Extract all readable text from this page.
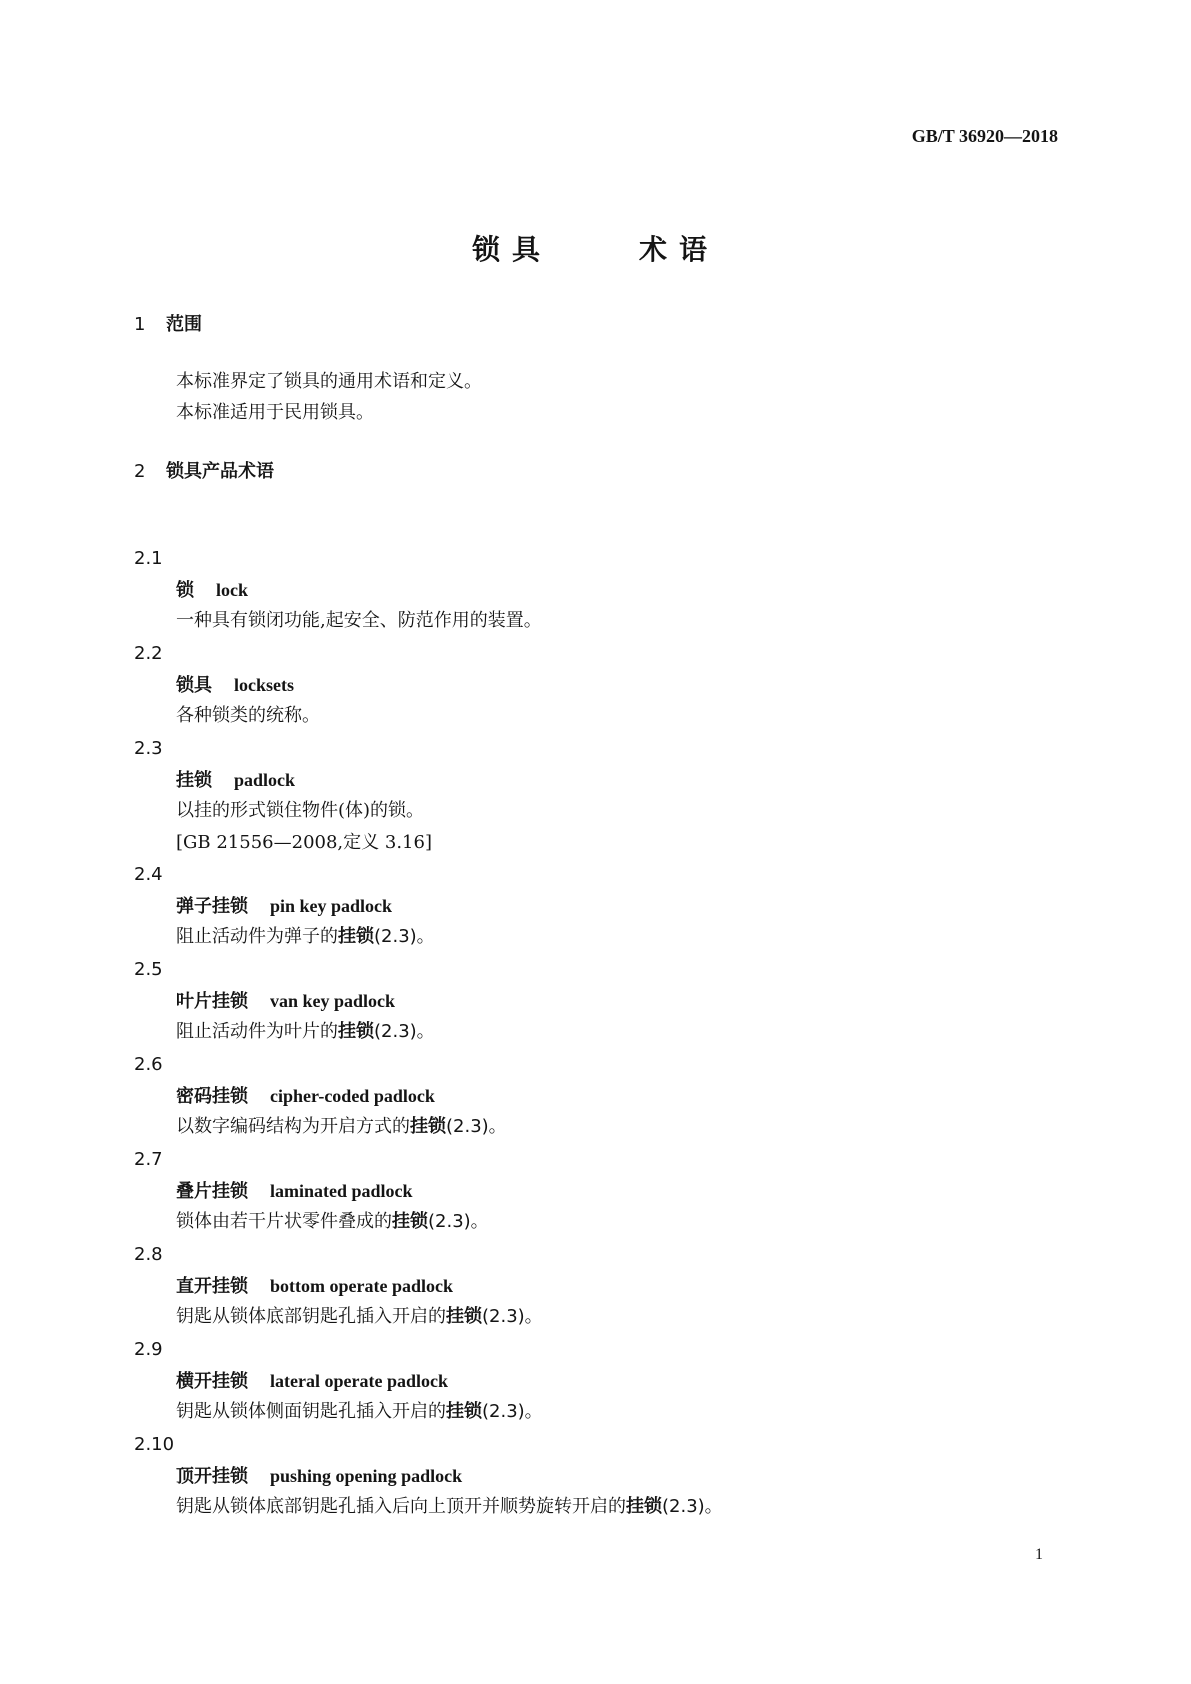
GB/T 36920—2018
锁具    术语
1 范围
本标准界定了锁具的通用术语和定义。
本标准适用于民用锁具。
2 锁具产品术语
2.1
锁 lock
一种具有锁闭功能,起安全、防范作用的装置。
2.2
锁具 locksets
各种锁类的统称。
2.3
挂锁 padlock
以挂的形式锁住物件(体)的锁。
[GB 21556—2008,定义 3.16]
2.4
弹子挂锁 pin key padlock
阻止活动件为弹子的挂锁(2.3)。
2.5
叶片挂锁 van key padlock
阻止活动件为叶片的挂锁(2.3)。
2.6
密码挂锁 cipher-coded padlock
以数字编码结构为开启方式的挂锁(2.3)。
2.7
叠片挂锁 laminated padlock
锁体由若干片状零件叠成的挂锁(2.3)。
2.8
直开挂锁 bottom operate padlock
钥匙从锁体底部钥匙孔插入开启的挂锁(2.3)。
2.9
横开挂锁 lateral operate padlock
钥匙从锁体侧面钥匙孔插入开启的挂锁(2.3)。
2.10
顶开挂锁 pushing opening padlock
钥匙从锁体底部钥匙孔插入后向上顶开并顺势旋转开启的挂锁(2.3)。
1
